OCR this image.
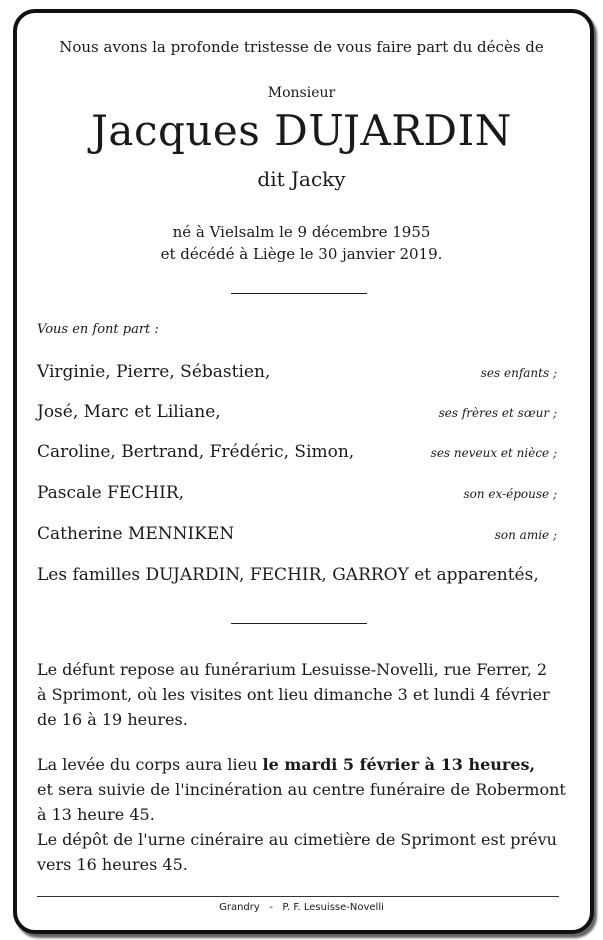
Nous avons la profonde tristesse de vous faire part du décès de
Monsieur
Jacques DUJARDIN
dit Jacky
né à Vielsalm le 9 décembre 1955
et décédé à Liège le 30 janvier 2019.
Vous en font part :
Virginie, Pierre, Sébastien,	ses enfants ;
José, Marc et Liliane,	ses frères et sœur ;
Caroline, Bertrand, Frédéric, Simon,	ses neveux et nièce ;
Pascale FECHIR,	son ex-épouse ;
Catherine MENNIKEN	son amie ;
Les familles DUJARDIN, FECHIR, GARROY et apparentés,
Le défunt repose au funérarium Lesuisse-Novelli, rue Ferrer, 2
à Sprimont, où les visites ont lieu dimanche 3 et lundi 4 février
de 16 à 19 heures.
La levée du corps aura lieu le mardi 5 février à 13 heures,
et sera suivie de l'incinération au centre funéraire de Robermont
à 13 heure 45.
Le dépôt de l'urne cinéraire au cimetière de Sprimont est prévu
vers 16 heures 45.
Grandry   -   P. F. Lesuisse-Novelli
